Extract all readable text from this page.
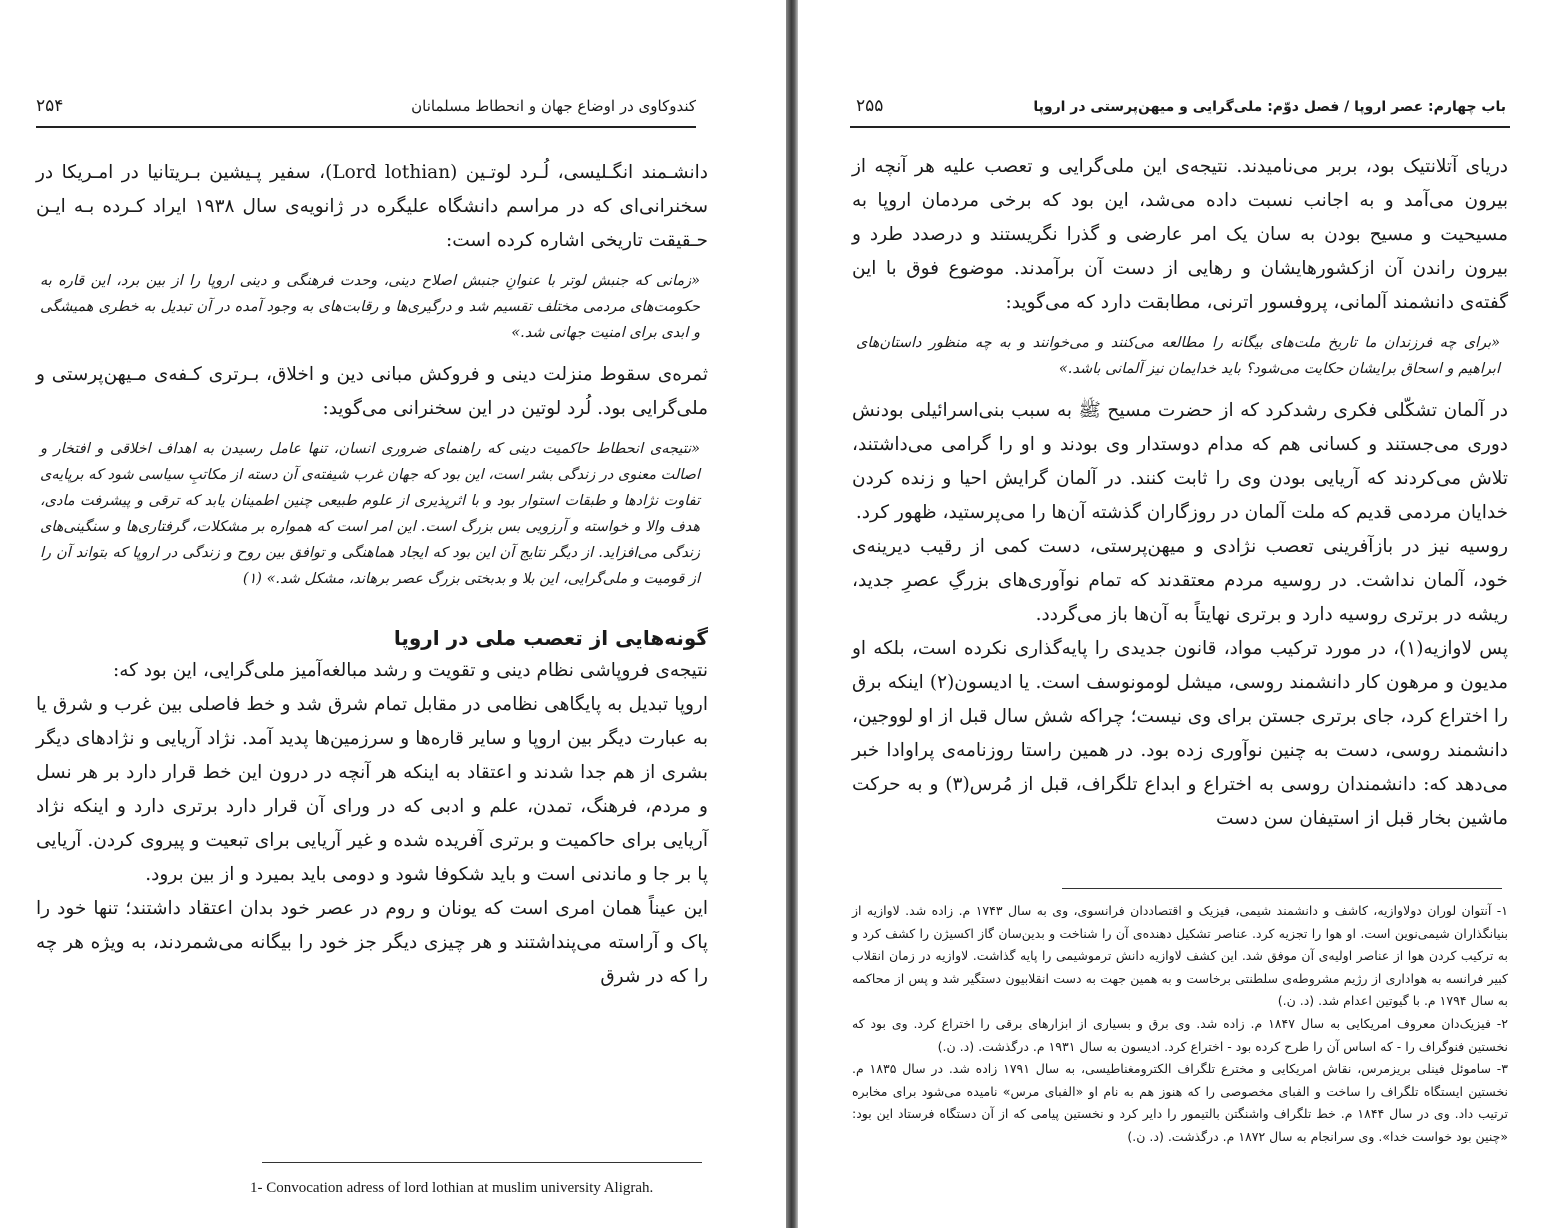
کندوکاوی در اوضاع جهان و انحطاط مسلمانان
۲۵۴

دانشـمند انگـلیسی، لُـرد لوتـین (Lord lothian)، سفیر پـیشین بـریتانیا در امـریکا در سخنرانی‌ای که در مراسم دانشگاه علیگره در ژانویه‌ی سال ۱۹۳۸ ایراد کـرده بـه ایـن حـقیقت تاریخی اشاره کرده است:

«زمانی که جنبش لوتر با عنوانِ جنبش اصلاح دینی، وحدت فرهنگی و دینی اروپا را از بین برد، این قاره به حکومت‌های مردمی مختلف تقسیم شد و درگیری‌ها و رقابت‌های به وجود آمده در آن تبدیل به خطری همیشگی و ابدی برای امنیت جهانی شد.»

ثمره‌ی سقوط منزلت دینی و فروکش مبانی دین و اخلاق، بـرتری کـفه‌ی مـیهن‌پرستی و ملی‌گرایی بود. لُرد لوتین در این سخنرانی می‌گوید:

«نتیجه‌ی انحطاط حاکمیت دینی که راهنمای ضروری انسان، تنها عامل رسیدن به اهداف اخلاقی و افتخار و اصالت معنوی در زندگی بشر است، این بود که جهان غرب شیفته‌ی آن دسته از مکاتبِ سیاسی شود که برپایه‌ی تفاوت نژادها و طبقات استوار بود و با اثرپذیری از علوم طبیعی چنین اطمینان یابد که ترقی و پیشرفت مادی، هدف والا و خواسته و آرزویی بس بزرگ است. این امر است که همواره بر مشکلات، گرفتاری‌ها و سنگینی‌های زندگی می‌افزاید. از دیگر نتایج آن این بود که ایجاد هماهنگی و توافق بین روح و زندگی در اروپا که بتواند آن را از قومیت و ملی‌گرایی، این بلا و بدبختی بزرگ عصر برهاند، مشکل شد.» (۱)

گونه‌هایی از تعصب ملی در اروپا

نتیجه‌ی فروپاشی نظام دینی و تقویت و رشد مبالغه‌آمیز ملی‌گرایی، این بود که:

اروپا تبدیل به پایگاهی نظامی در مقابل تمام شرق شد و خط فاصلی بین غرب و شرق یا به عبارت دیگر بین اروپا و سایر قاره‌ها و سرزمین‌ها پدید آمد. نژاد آریایی و نژادهای دیگر بشری از هم جدا شدند و اعتقاد به اینکه هر آنچه در درون این خط قرار دارد بر هر نسل و مردم، فرهنگ، تمدن، علم و ادبی که در ورای آن قرار دارد برتری دارد و اینکه نژاد آریایی برای حاکمیت و برتری آفریده شده و غیر آریایی برای تبعیت و پیروی کردن. آریایی پا بر جا و ماندنی است و باید شکوفا شود و دومی باید بمیرد و از بین برود.

این عیناً همان امری است که یونان و روم در عصر خود بدان اعتقاد داشتند؛ تنها خود را پاک و آراسته می‌پنداشتند و هر چیزی دیگر جز خود را بیگانه می‌شمردند، به ویژه هر چه را که در شرق

1- Convocation adress of lord lothian at muslim university Aligrah.
باب چهارم: عصر اروپا / فصل دوّم: ملی‌گرایی و میهن‌پرستی در اروپا
۲۵۵

دریای آتلانتیک بود، بربر می‌نامیدند. نتیجه‌ی این ملی‌گرایی و تعصب علیه هر آنچه از بیرون می‌آمد و به اجانب نسبت داده می‌شد، این بود که برخی مردمان اروپا به مسیحیت و مسیح بودن به سان یک امر عارضی و گذرا نگریستند و درصدد طرد و بیرون راندن آن ازکشورهایشان و رهایی از دست آن برآمدند. موضوع فوق با این گفته‌ی دانشمند آلمانی، پروفسور اترنی، مطابقت دارد که می‌گوید:

«برای چه فرزندان ما تاریخ ملت‌های بیگانه را مطالعه می‌کنند و می‌خوانند و به چه منظور داستان‌های ابراهیم و اسحاق برایشان حکایت می‌شود؟ باید خدایمان نیز آلمانی باشد.»

در آلمان تشکّلی فکری رشدکرد که از حضرت مسیح ﷺ به سبب بنی‌اسرائیلی بودنش دوری می‌جستند و کسانی هم که مدام دوستدار وی بودند و او را گرامی می‌داشتند، تلاش می‌کردند که آریایی بودن وی را ثابت کنند. در آلمان گرایش احیا و زنده کردن خدایان مردمی قدیم که ملت آلمان در روزگاران گذشته آن‌ها را می‌پرستید، ظهور کرد.

روسیه نیز در بازآفرینی تعصب نژادی و میهن‌پرستی، دست کمی از رقیب دیرینه‌ی خود، آلمان نداشت. در روسیه مردم معتقدند که تمام نوآوری‌های بزرگِ عصرِ جدید، ریشه در برتری روسیه دارد و برتری نهایتاً به آن‌ها باز می‌گردد.

پس لاوازیه(۱)، در مورد ترکیب مواد، قانون جدیدی را پایه‌گذاری نکرده است، بلکه او مدیون و مرهون کار دانشمند روسی، میشل لومونوسف است. یا ادیسون(۲) اینکه برق را اختراع کرد، جای برتری جستن برای وی نیست؛ چراکه شش سال قبل از او لووجین، دانشمند روسی، دست به چنین نوآوری زده بود. در همین راستا روزنامه‌ی پراوادا خبر می‌دهد که: دانشمندان روسی به اختراع و ابداع تلگراف، قبل از مُرس(۳) و به حرکت ماشین بخار قبل از استیفان سن دست

۱- آنتوان لوران دولاوازیه، کاشف و دانشمند شیمی، فیزیک و اقتصاددان فرانسوی، وی به سال ۱۷۴۳ م. زاده شد. لاوازیه از بنیانگذاران شیمی‌نوین است. او هوا را تجزیه کرد. عناصر تشکیل دهنده‌ی آن را شناخت و بدین‌سان گاز اکسیژن را کشف کرد و به ترکیب کردن هوا از عناصر اولیه‌ی آن موفق شد. این کشف لاوازیه دانش ترموشیمی را پایه گذاشت. لاوازیه در زمان انقلاب کبیر فرانسه به هواداری از رژیم مشروطه‌ی سلطنتی برخاست و به همین جهت به دست انقلابیون دستگیر شد و پس از محاکمه به سال ۱۷۹۴ م. با گیوتین اعدام شد. (د. ن.)

۲- فیزیک‌دان معروف امریکایی به سال ۱۸۴۷ م. زاده شد. وی برق و بسیاری از ابزارهای برقی را اختراع کرد. وی بود که نخستین فنوگراف را - که اساس آن را طرح کرده بود - اختراع کرد. ادیسون به سال ۱۹۳۱ م. درگذشت. (د. ن.)

۳- ساموئل فینلی بریزمرس، نقاش امریکایی و مخترع تلگراف الکترومغناطیسی، به سال ۱۷۹۱ زاده شد. در سال ۱۸۳۵ م. نخستین ایستگاه تلگراف را ساخت و الفبای مخصوصی را که هنوز هم به نام او «الفبای مرس» نامیده می‌شود برای مخابره ترتیب داد. وی در سال ۱۸۴۴ م. خط تلگراف واشنگتن بالتیمور را دایر کرد و نخستین پیامی که از آن دستگاه فرستاد این بود: «چنین بود خواست خدا». وی سرانجام به سال ۱۸۷۲ م. درگذشت. (د. ن.)
